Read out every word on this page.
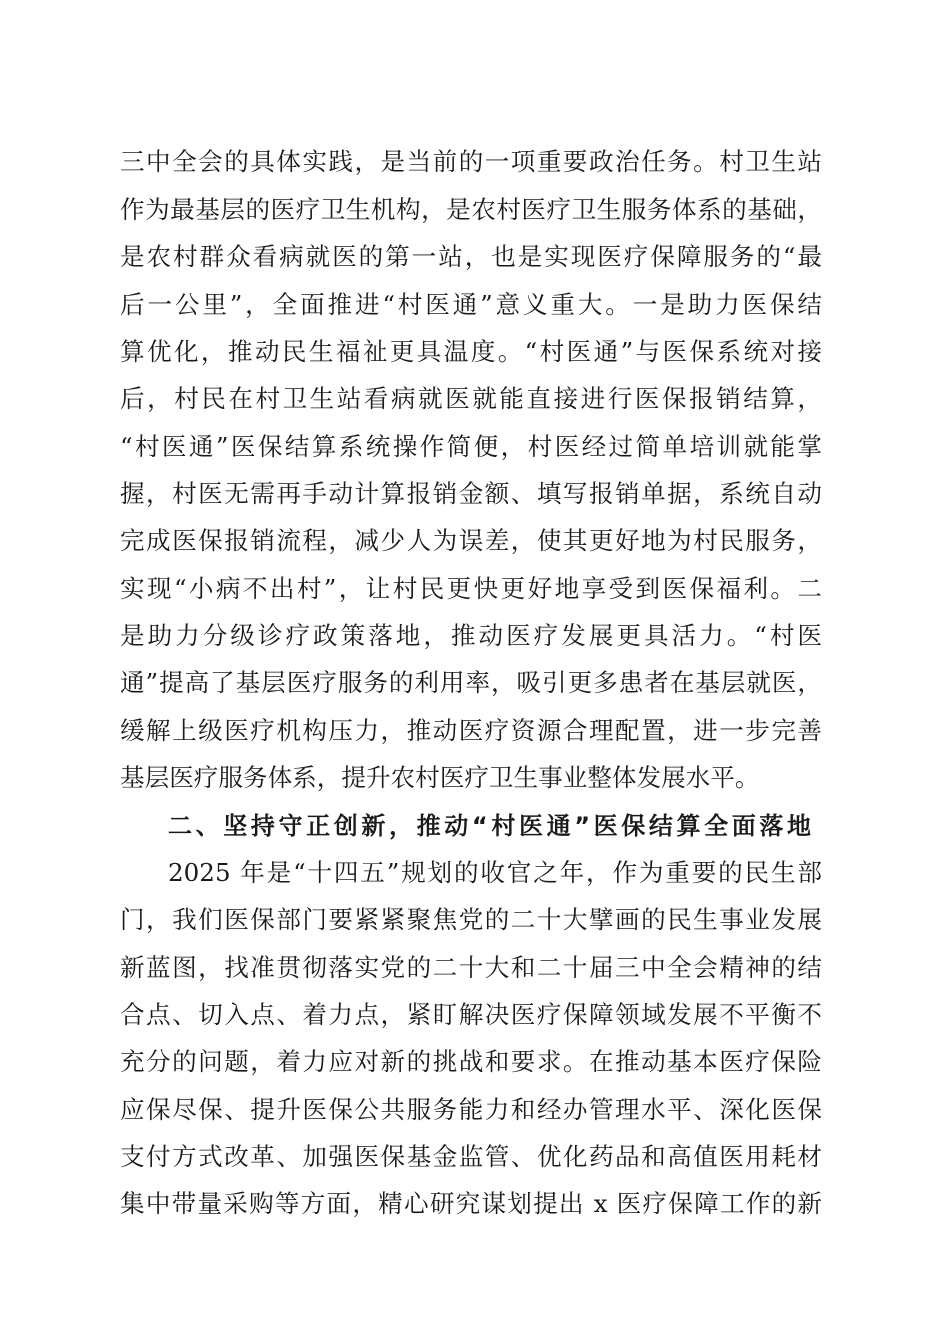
三中全会的具体实践，是当前的一项重要政治任务。村卫生站
作为最基层的医疗卫生机构，是农村医疗卫生服务体系的基础，
是农村群众看病就医的第一站，也是实现医疗保障服务的“最
后一公里”，全面推进“村医通”意义重大。一是助力医保结
算优化，推动民生福祉更具温度。“村医通”与医保系统对接
后，村民在村卫生站看病就医就能直接进行医保报销结算，
“村医通”医保结算系统操作简便，村医经过简单培训就能掌
握，村医无需再手动计算报销金额、填写报销单据，系统自动
完成医保报销流程，减少人为误差，使其更好地为村民服务，
实现“小病不出村”，让村民更快更好地享受到医保福利。二
是助力分级诊疗政策落地，推动医疗发展更具活力。“村医
通”提高了基层医疗服务的利用率，吸引更多患者在基层就医，
缓解上级医疗机构压力，推动医疗资源合理配置，进一步完善
基层医疗服务体系，提升农村医疗卫生事业整体发展水平。
二、坚持守正创新，推动“村医通”医保结算全面落地
2025 年是“十四五”规划的收官之年，作为重要的民生部
门，我们医保部门要紧紧聚焦党的二十大擘画的民生事业发展
新蓝图，找准贯彻落实党的二十大和二十届三中全会精神的结
合点、切入点、着力点，紧盯解决医疗保障领域发展不平衡不
充分的问题，着力应对新的挑战和要求。在推动基本医疗保险
应保尽保、提升医保公共服务能力和经办管理水平、深化医保
支付方式改革、加强医保基金监管、优化药品和高值医用耗材
集中带量采购等方面，精心研究谋划提出 x 医疗保障工作的新
